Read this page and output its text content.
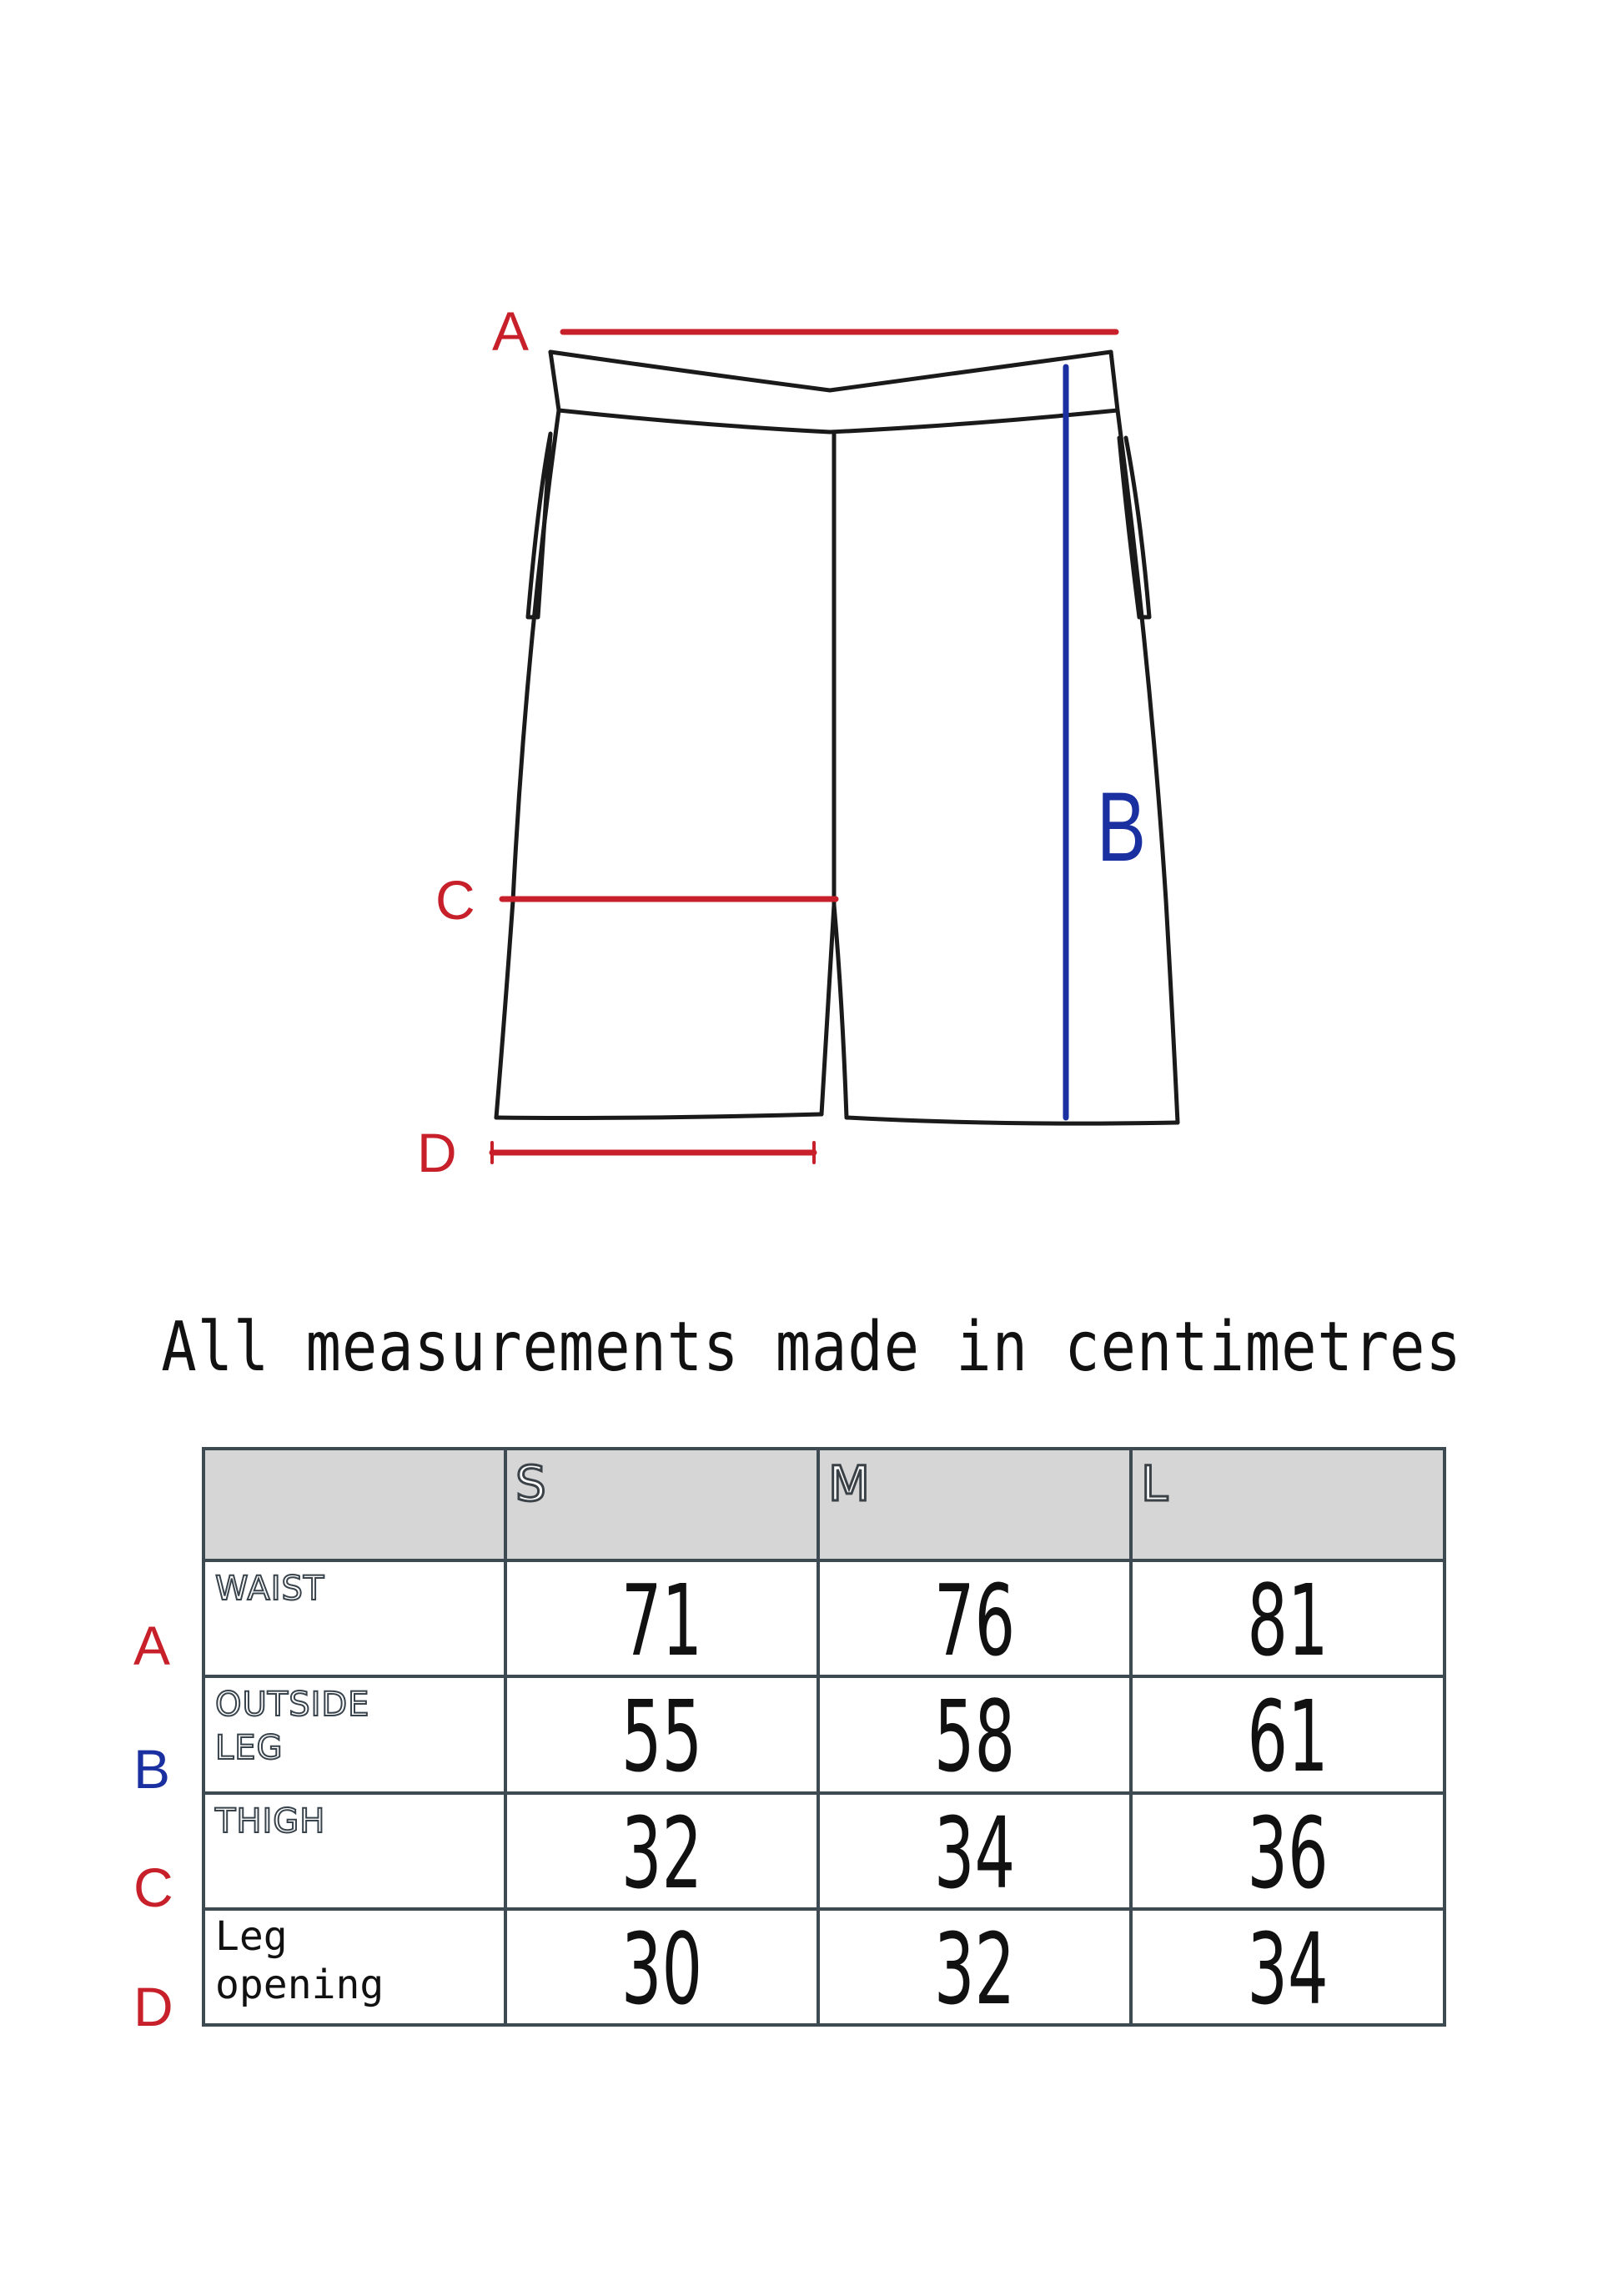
A
B
C
D
All measurements made in centimetres
A
B
C
D

	S	M	L

WAIST	71	76	81

OUTSIDE
LEG	55	58	61

THIGH	32	34	36

Leg
opening	30	32	34
